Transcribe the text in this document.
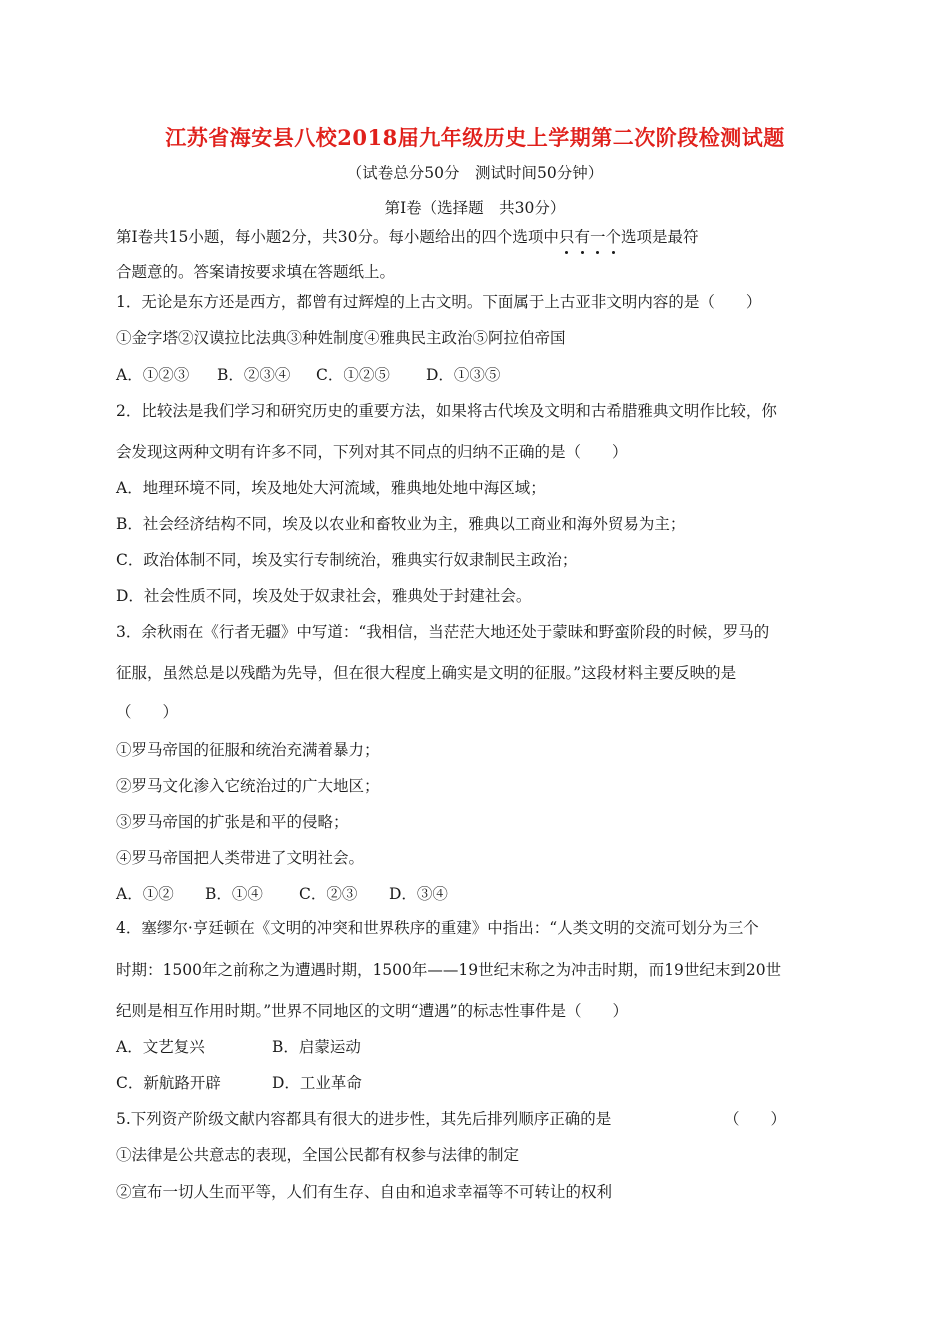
江苏省海安县八校2018届九年级历史上学期第二次阶段检测试题
（试卷总分50分　测试时间50分钟）
第Ⅰ卷（选择题　共30分）
第Ⅰ卷共15小题，每小题2分，共30分。每小题给出的四个选项中只有一个选项是最符
合题意的。答案请按要求填在答题纸上。
1．无论是东方还是西方，都曾有过辉煌的上古文明。下面属于上古亚非文明内容的是（　　）
①金字塔②汉谟拉比法典③种姓制度④雅典民主政治⑤阿拉伯帝国
A．①②③ B．②③④ C．①②⑤ D．①③⑤
2．比较法是我们学习和研究历史的重要方法，如果将古代埃及文明和古希腊雅典文明作比较，你
会发现这两种文明有许多不同，下列对其不同点的归纳不正确的是（　　）
A．地理环境不同，埃及地处大河流域，雅典地处地中海区域；
B．社会经济结构不同，埃及以农业和畜牧业为主，雅典以工商业和海外贸易为主；
C．政治体制不同，埃及实行专制统治，雅典实行奴隶制民主政治；
D．社会性质不同，埃及处于奴隶社会，雅典处于封建社会。
3．余秋雨在《行者无疆》中写道：“我相信，当茫茫大地还处于蒙昧和野蛮阶段的时候，罗马的
征服，虽然总是以残酷为先导，但在很大程度上确实是文明的征服。”这段材料主要反映的是
（　　）
①罗马帝国的征服和统治充满着暴力；
②罗马文化渗入它统治过的广大地区；
③罗马帝国的扩张是和平的侵略；
④罗马帝国把人类带进了文明社会。
A．①② B．①④ C．②③ D．③④
4．塞缪尔·亨廷顿在《文明的冲突和世界秩序的重建》中指出：“人类文明的交流可划分为三个
时期：1500年之前称之为遭遇时期，1500年——19世纪末称之为冲击时期，而19世纪末到20世
纪则是相互作用时期。”世界不同地区的文明“遭遇”的标志性事件是（　　）
A．文艺复兴	B．启蒙运动
C．新航路开辟	D．工业革命
5.下列资产阶级文献内容都具有很大的进步性，其先后排列顺序正确的是	（　　）
①法律是公共意志的表现，全国公民都有权参与法律的制定
②宣布一切人生而平等，人们有生存、自由和追求幸福等不可转让的权利
